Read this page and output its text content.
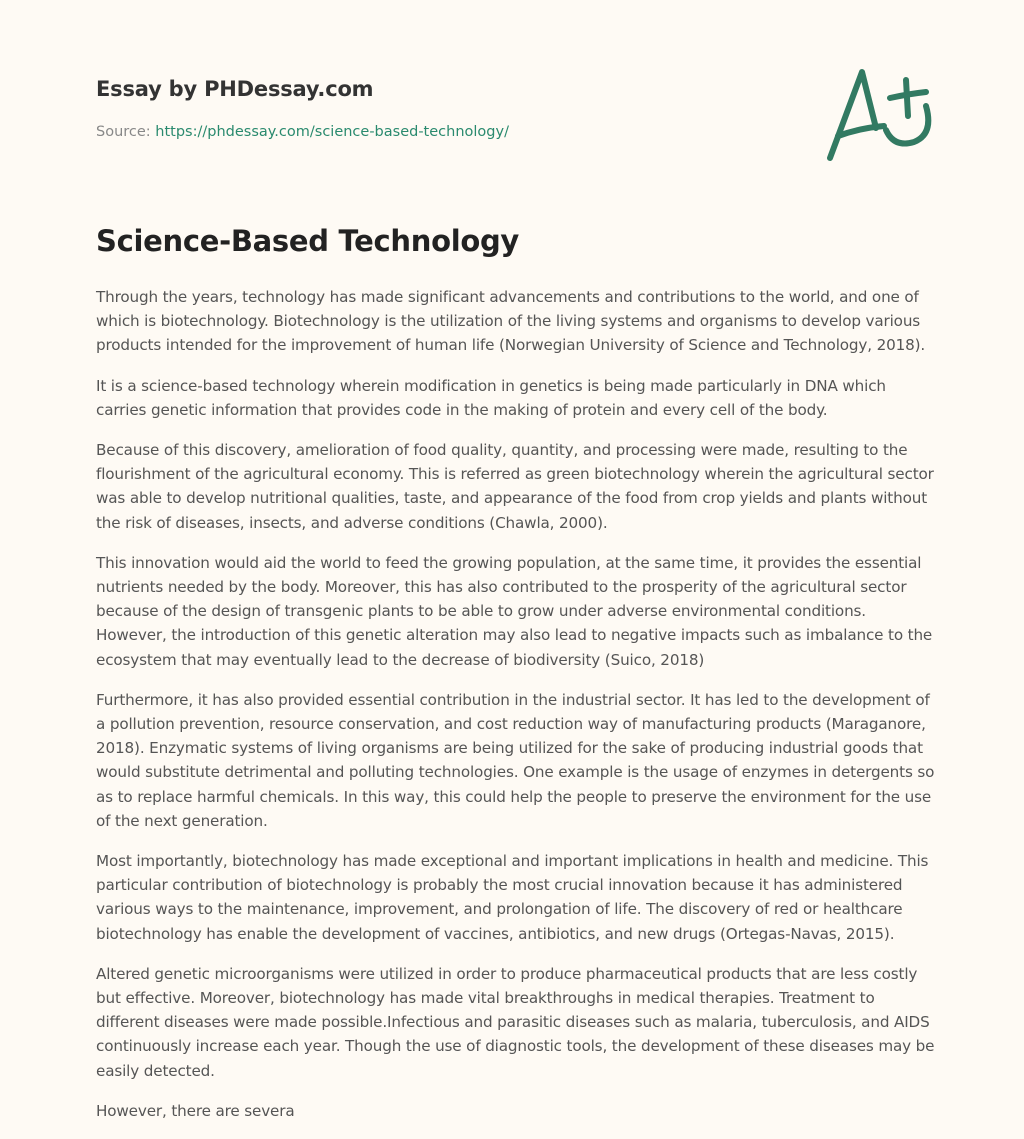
Essay by PHDessay.com
Source: https://phdessay.com/science-based-technology/
Science-Based Technology

Through the years, technology has made significant advancements and contributions to the world, and one of which is biotechnology. Biotechnology is the utilization of the living systems and organisms to develop various products intended for the improvement of human life (Norwegian University of Science and Technology, 2018).

It is a science-based technology wherein modification in genetics is being made particularly in DNA which carries genetic information that provides code in the making of protein and every cell of the body.

Because of this discovery, amelioration of food quality, quantity, and processing were made, resulting to the flourishment of the agricultural economy. This is referred as green biotechnology wherein the agricultural sector was able to develop nutritional qualities, taste, and appearance of the food from crop yields and plants without the risk of diseases, insects, and adverse conditions (Chawla, 2000).

This innovation would aid the world to feed the growing population, at the same time, it provides the essential nutrients needed by the body. Moreover, this has also contributed to the prosperity of the agricultural sector because of the design of transgenic plants to be able to grow under adverse environmental conditions. However, the introduction of this genetic alteration may also lead to negative impacts such as imbalance to the ecosystem that may eventually lead to the decrease of biodiversity (Suico, 2018)

Furthermore, it has also provided essential contribution in the industrial sector. It has led to the development of a pollution prevention, resource conservation, and cost reduction way of manufacturing products (Maraganore, 2018). Enzymatic systems of living organisms are being utilized for the sake of producing industrial goods that would substitute detrimental and polluting technologies. One example is the usage of enzymes in detergents so as to replace harmful chemicals. In this way, this could help the people to preserve the environment for the use of the next generation.

Most importantly, biotechnology has made exceptional and important implications in health and medicine. This particular contribution of biotechnology is probably the most crucial innovation because it has administered various ways to the maintenance, improvement, and prolongation of life. The discovery of red or healthcare biotechnology has enable the development of vaccines, antibiotics, and new drugs (Ortegas-Navas, 2015).

Altered genetic microorganisms were utilized in order to produce pharmaceutical products that are less costly but effective. Moreover, biotechnology has made vital breakthroughs in medical therapies. Treatment to different diseases were made possible.Infectious and parasitic diseases such as malaria, tuberculosis, and AIDS continuously increase each year. Though the use of diagnostic tools, the development of these diseases may be easily detected.

However, there are severa
